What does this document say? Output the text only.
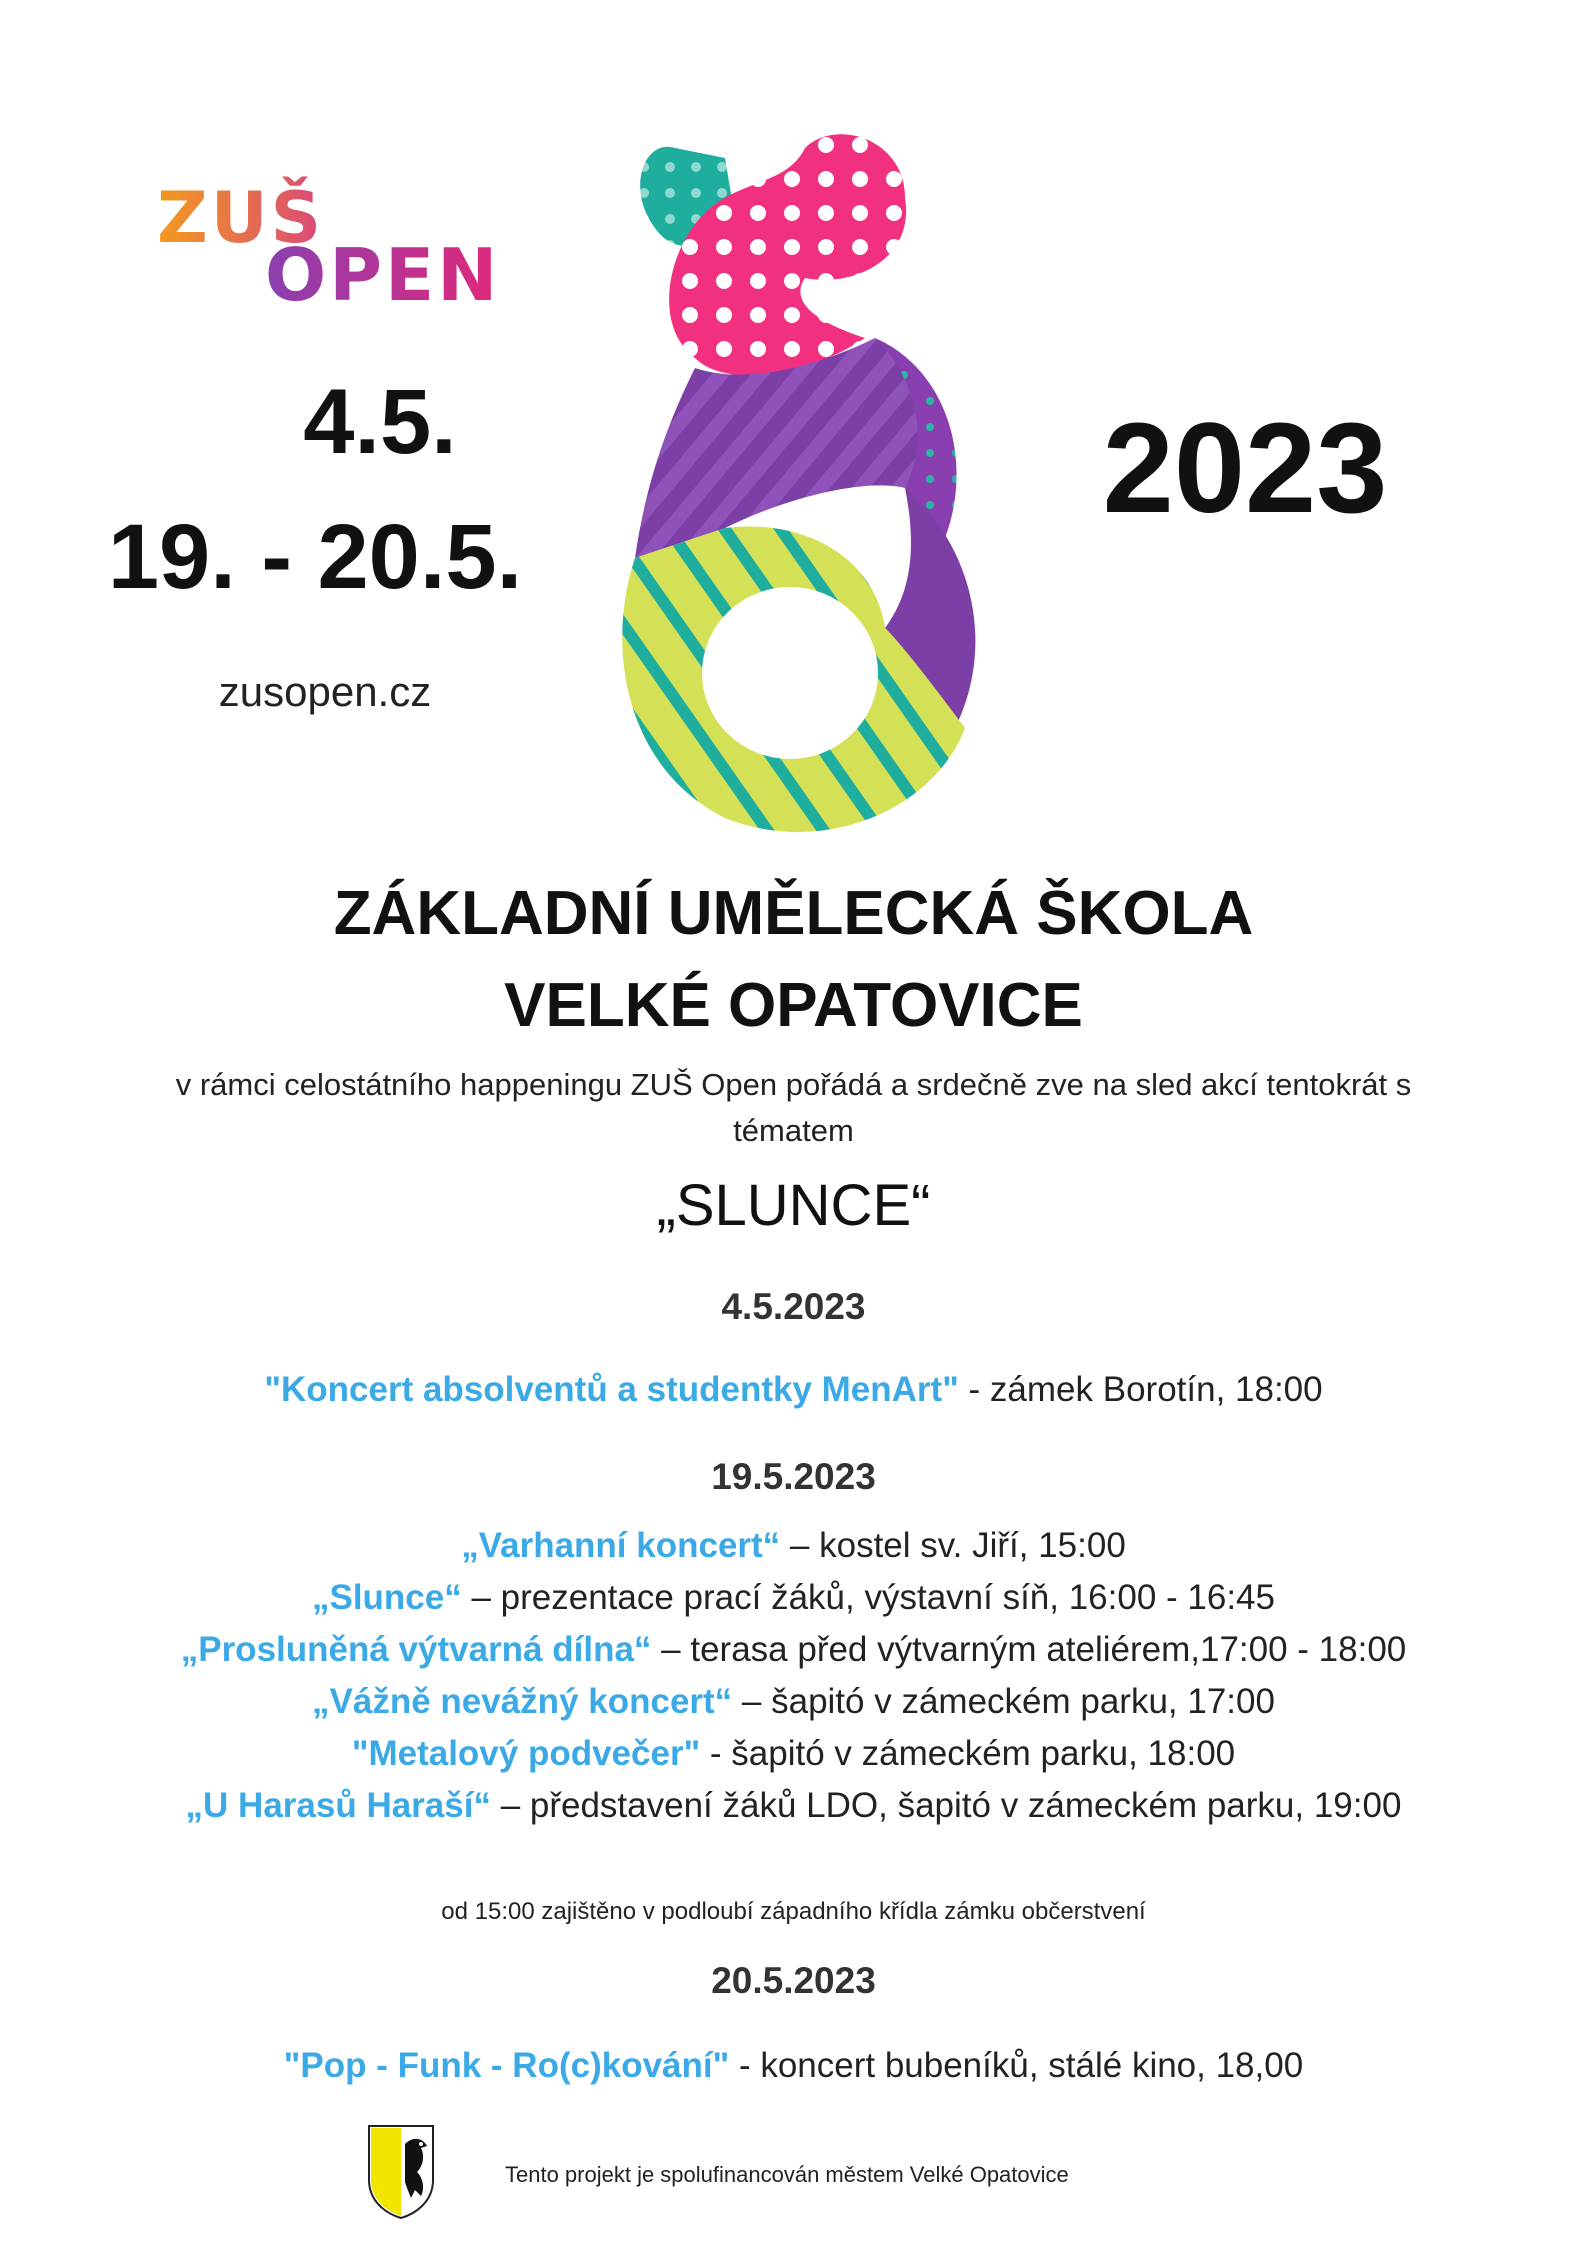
ZUŠ
OPEN
4.5.
19. - 20.5.
zusopen.cz
2023
ZÁKLADNÍ UMĚLECKÁ ŠKOLA
VELKÉ OPATOVICE
v rámci celostátního happeningu ZUŠ Open pořádá a srdečně zve na sled akcí tentokrát s tématem
„SLUNCE“
4.5.2023
"Koncert absolventů a studentky MenArt" - zámek Borotín, 18:00
19.5.2023
„Varhanní koncert“ – kostel sv. Jiří, 15:00
„Slunce“ – prezentace prací žáků, výstavní síň, 16:00 - 16:45
„Prosluněná výtvarná dílna“ – terasa před výtvarným ateliérem,17:00 - 18:00
„Vážně nevážný koncert“ – šapitó v zámeckém parku, 17:00
"Metalový podvečer" - šapitó v zámeckém parku, 18:00
„U Harasů Haraší“ – představení žáků LDO, šapitó v zámeckém parku, 19:00
od 15:00 zajištěno v podloubí západního křídla zámku občerstvení
20.5.2023
"Pop - Funk - Ro(c)kování" - koncert bubeníků, stálé kino, 18,00
Tento projekt je spolufinancován městem Velké Opatovice
